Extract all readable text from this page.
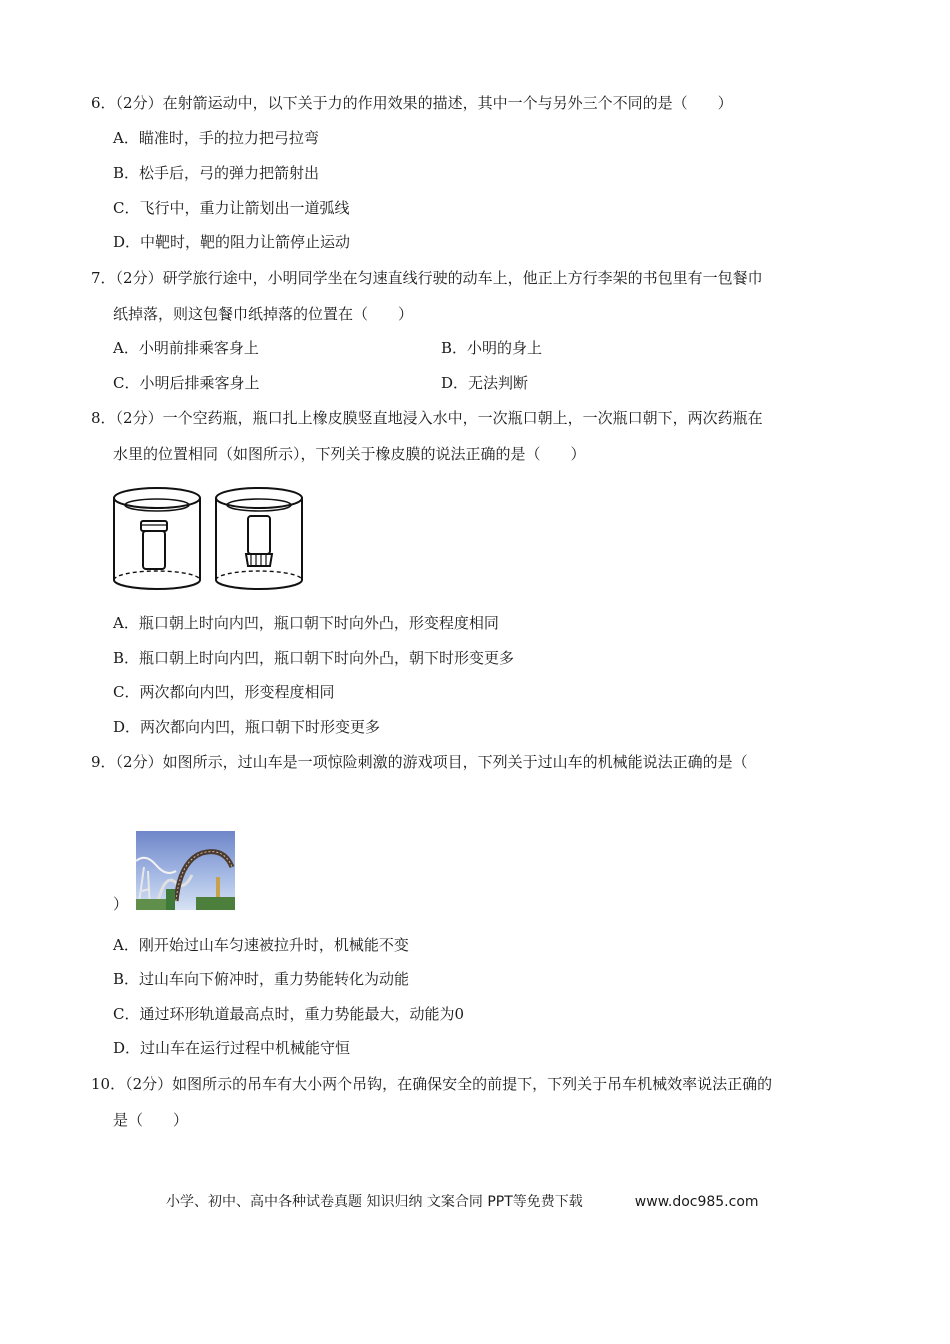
6．（2分）在射箭运动中，以下关于力的作用效果的描述，其中一个与另外三个不同的是（　　）
A．瞄准时，手的拉力把弓拉弯
B．松手后，弓的弹力把箭射出
C．飞行中，重力让箭划出一道弧线
D．中靶时，靶的阻力让箭停止运动
7．（2分）研学旅行途中，小明同学坐在匀速直线行驶的动车上，他正上方行李架的书包里有一包餐巾
纸掉落，则这包餐巾纸掉落的位置在（　　）
A．小明前排乘客身上	B．小明的身上
C．小明后排乘客身上	D．无法判断
8．（2分）一个空药瓶，瓶口扎上橡皮膜竖直地浸入水中，一次瓶口朝上，一次瓶口朝下，两次药瓶在
水里的位置相同（如图所示），下列关于橡皮膜的说法正确的是（　　）
A．瓶口朝上时向内凹，瓶口朝下时向外凸，形变程度相同
B．瓶口朝上时向内凹，瓶口朝下时向外凸，朝下时形变更多
C．两次都向内凹，形变程度相同
D．两次都向内凹，瓶口朝下时形变更多
9．（2分）如图所示，过山车是一项惊险刺激的游戏项目，下列关于过山车的机械能说法正确的是（
）
A．刚开始过山车匀速被拉升时，机械能不变
B．过山车向下俯冲时，重力势能转化为动能
C．通过环形轨道最高点时，重力势能最大，动能为0
D．过山车在运行过程中机械能守恒
10．（2分）如图所示的吊车有大小两个吊钩，在确保安全的前提下，下列关于吊车机械效率说法正确的
是（　　）
小学、初中、高中各种试卷真题 知识归纳 文案合同 PPT等免费下载	www.doc985.com
